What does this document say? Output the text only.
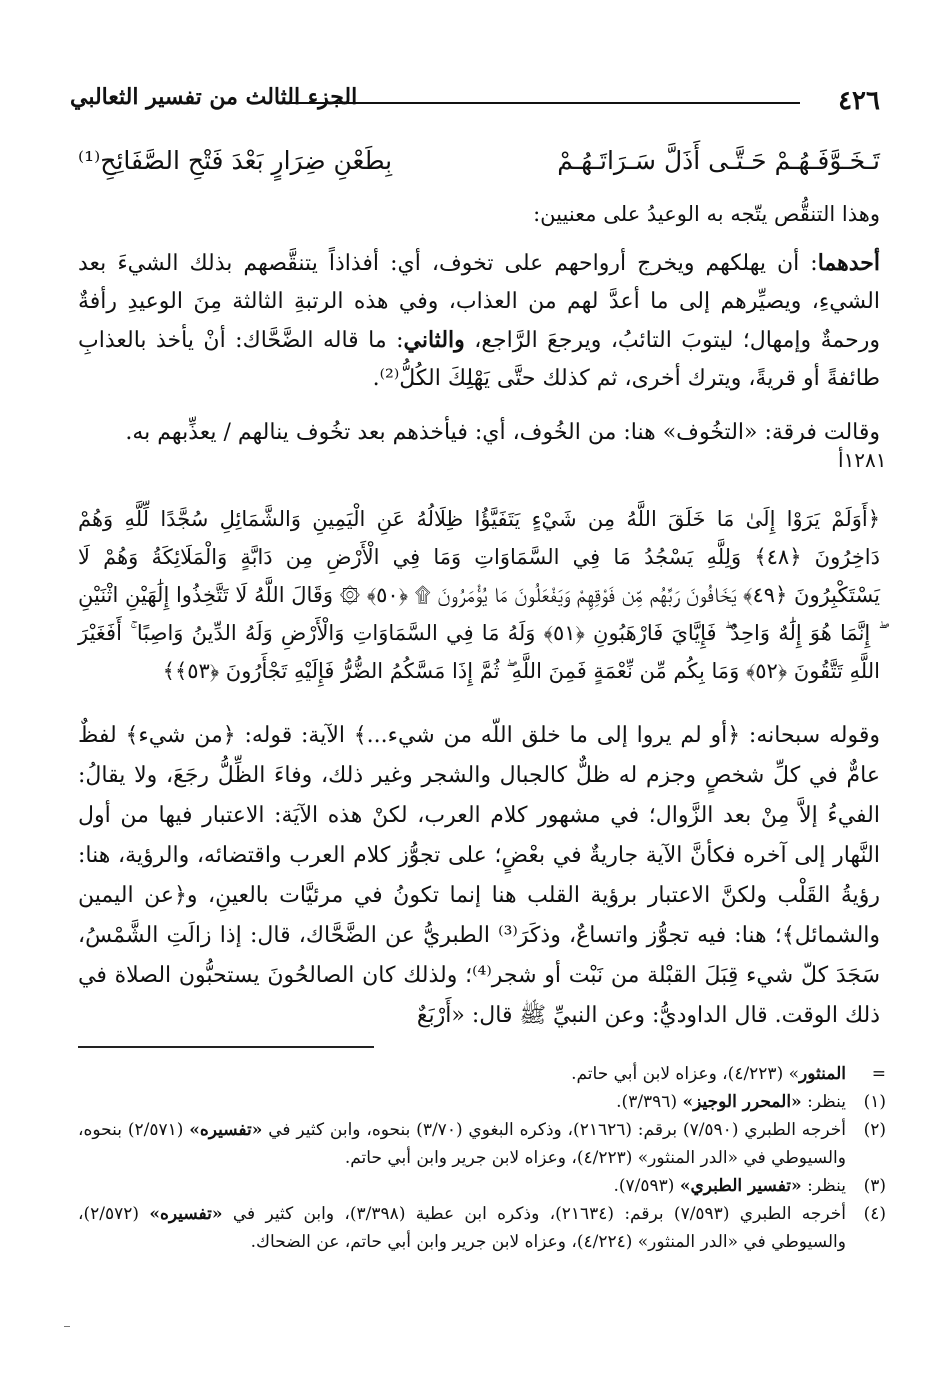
٤٢٦
الجزء الثالث من تفسير الثعالبي
تَـخَـوَّفَـهُـمْ حَـتَّـى أَذَلَّ سَـرَاتَـهُـمْ
بِطَعْنِ ضِرَارٍ بَعْدَ فَتْحِ الصَّفَائِحِ⁽¹⁾
وهذا التنقُّص يتّجه به الوعيدُ على معنيين:
أحدهما: أن يهلكهم ويخرج أرواحهم على تخوف، أي: أفذاذاً يتنقَّصهم بذلك الشيءَ بعد الشيءِ، ويصيِّرهم إلى ما أعدَّ لهم من العذاب، وفي هذه الرتبةِ الثالثة مِنَ الوعيدِ رأفةٌ ورحمةٌ وإمهال؛ ليتوبَ التائبُ، ويرجعَ الرَّاجع، والثاني: ما قاله الضَّحَّاك: أنْ يأخذ بالعذابِ طائفةً أو قريةً، ويترك أخرى، ثم كذلك حتَّى يَهْلِكَ الكُلُّ⁽²⁾.
١٢٨١أ
وقالت فرقة: «التخُوف» هنا: من الخُوف، أي: فيأخذهم بعد تخُوف ينالهم / يعذِّبهم به.
﴿أَوَلَمْ يَرَوْا إِلَىٰ مَا خَلَقَ اللَّهُ مِن شَيْءٍ يَتَفَيَّؤُا ظِلَالُهُ عَنِ الْيَمِينِ وَالشَّمَائِلِ سُجَّدًا لِّلَّهِ وَهُمْ دَاخِرُونَ ﴿٤٨﴾ وَلِلَّهِ يَسْجُدُ مَا فِي السَّمَاوَاتِ وَمَا فِي الْأَرْضِ مِن دَابَّةٍ وَالْمَلَائِكَةُ وَهُمْ لَا يَسْتَكْبِرُونَ ﴿٤٩﴾ يَخَافُونَ رَبَّهُم مِّن فَوْقِهِمْ وَيَفْعَلُونَ مَا يُؤْمَرُونَ ۩ ﴿٥٠﴾ ۞ وَقَالَ اللَّهُ لَا تَتَّخِذُوا إِلَٰهَيْنِ اثْنَيْنِ ۖ إِنَّمَا هُوَ إِلَٰهٌ وَاحِدٌ ۖ فَإِيَّايَ فَارْهَبُونِ ﴿٥١﴾ وَلَهُ مَا فِي السَّمَاوَاتِ وَالْأَرْضِ وَلَهُ الدِّينُ وَاصِبًا ۚ أَفَغَيْرَ اللَّهِ تَتَّقُونَ ﴿٥٢﴾ وَمَا بِكُم مِّن نِّعْمَةٍ فَمِنَ اللَّهِ ۖ ثُمَّ إِذَا مَسَّكُمُ الضُّرُّ فَإِلَيْهِ تَجْأَرُونَ ﴿٥٣﴾﴾
وقوله سبحانه: ﴿أو لم يروا إلى ما خلق اللّه من شيء...﴾ الآية: قوله: ﴿من شيء﴾ لفظٌ عامٌّ في كلِّ شخصٍ وجزم له ظلٌّ كالجبال والشجر وغير ذلك، وفاءَ الظِّلُّ رجَعَ، ولا يقالُ: الفيءُ إلاَّ مِنْ بعد الزَّوال؛ في مشهور كلام العرب، لكنْ هذه الآيَة: الاعتبار فيها من أول النَّهار إلى آخره فكأنَّ الآية جاريةٌ في بعْضٍ؛ على تجوُّز كلام العرب واقتضائه، والرؤية، هنا: رؤيةُ القَلْب ولكنَّ الاعتبار برؤية القلب هنا إنما تكونُ في مرئيَّات بالعينِ، و﴿عن اليمين والشمائل﴾؛ هنا: فيه تجوُّز واتساعٌ، وذكَرَ⁽³⁾ الطبريُّ عن الضَّحَّاك، قال: إذا زالَتِ الشَّمْسُ، سَجَدَ كلّ شيء قِبَلَ القبْلة من نَبْت أو شجر⁽⁴⁾؛ ولذلك كان الصالحُونَ يستحبُّون الصلاة في ذلك الوقت. قال الداوديُّ: وعن النبيِّ ﷺ قال: «أَرْبَعٌ
=
المنثور» (٤/٢٢٣)، وعزاه لابن أبي حاتم.
(١)
ينظر: «المحرر الوجيز» (٣/٣٩٦).
(٢)
أخرجه الطبري (٧/٥٩٠) برقم: (٢١٦٢٦)، وذكره البغوي (٣/٧٠) بنحوه، وابن كثير في «تفسيره» (٢/٥٧١) بنحوه، والسيوطي في «الدر المنثور» (٤/٢٢٣)، وعزاه لابن جرير وابن أبي حاتم.
(٣)
ينظر: «تفسير الطبري» (٧/٥٩٣).
(٤)
أخرجه الطبري (٧/٥٩٣) برقم: (٢١٦٣٤)، وذكره ابن عطية (٣/٣٩٨)، وابن كثير في «تفسيره» (٢/٥٧٢)، والسيوطي في «الدر المنثور» (٤/٢٢٤)، وعزاه لابن جرير وابن أبي حاتم، عن الضحاك.
